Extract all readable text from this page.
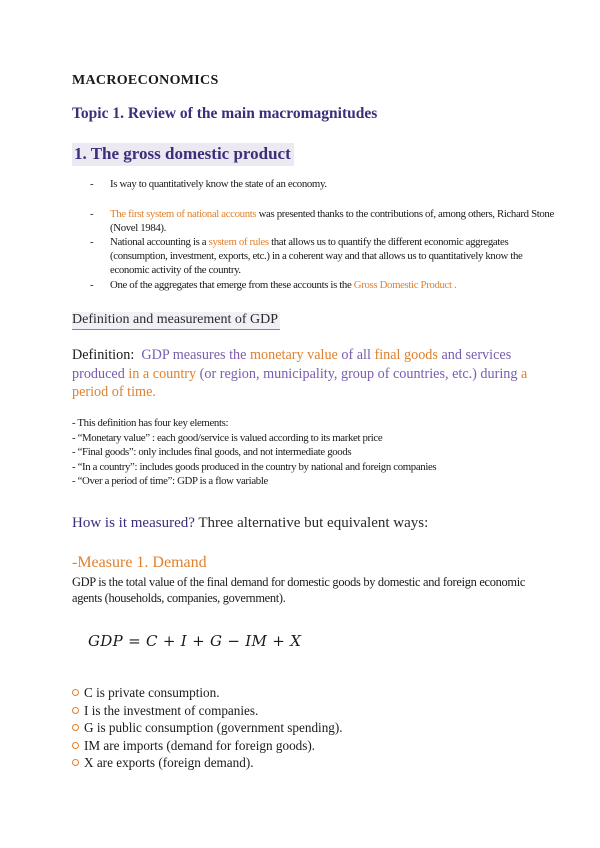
MACROECONOMICS
Topic 1. Review of the main macromagnitudes
1. The gross domestic product
- Is way to quantitatively know the state of an economy.
- The first system of national accounts was presented thanks to the contributions of, among others, Richard Stone (Novel 1984).
- National accounting is a system of rules that allows us to quantify the different economic aggregates (consumption, investment, exports, etc.) in a coherent way and that allows us to quantitatively know the economic activity of the country.
- One of the aggregates that emerge from these accounts is the Gross Domestic Product .
Definition and measurement of GDP
Definition: GDP measures the monetary value of all final goods and services produced in a country (or region, municipality, group of countries, etc.) during a period of time.
- This definition has four key elements:
- “Monetary value” : each good/service is valued according to its market price
- “Final goods”: only includes final goods, and not intermediate goods
- “In a country”: includes goods produced in the country by national and foreign companies
- “Over a period of time”: GDP is a flow variable
How is it measured? Three alternative but equivalent ways:
-Measure 1. Demand
GDP is the total value of the final demand for domestic goods by domestic and foreign economic agents (households, companies, government).
GDP = C + I + G − IM + X
C is private consumption.
I is the investment of companies.
G is public consumption (government spending).
IM are imports (demand for foreign goods).
X are exports (foreign demand).
